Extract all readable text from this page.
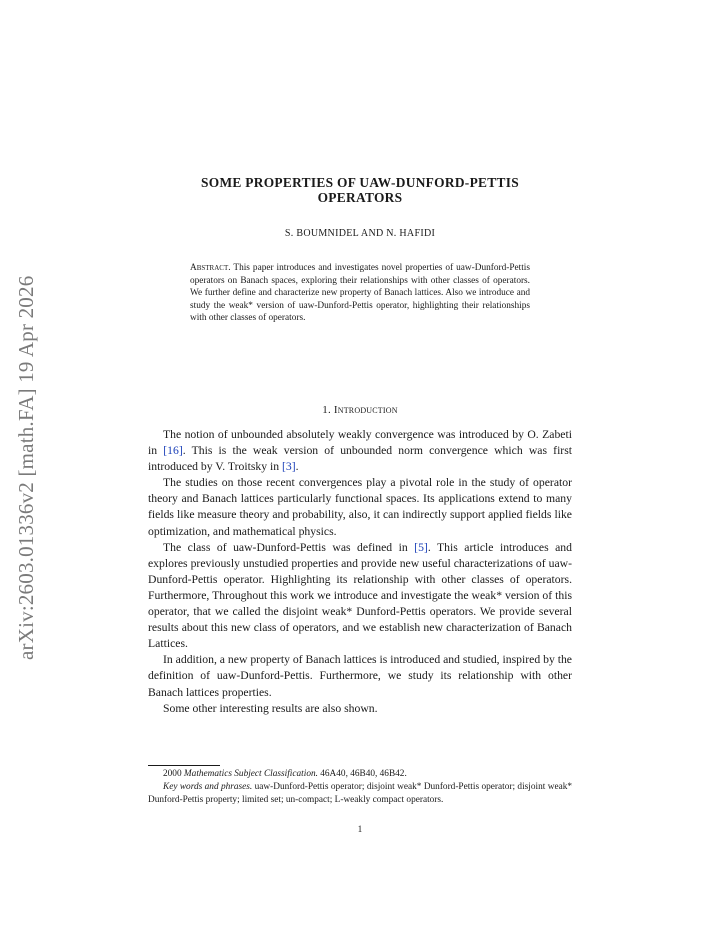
arXiv:2603.01336v2 [math.FA] 19 Apr 2026
SOME PROPERTIES OF UAW-DUNFORD-PETTIS
OPERATORS
S. BOUMNIDEL AND N. HAFIDI
Abstract. This paper introduces and investigates novel properties of uaw-Dunford-Pettis operators on Banach spaces, exploring their relationships with other classes of operators. We further define and characterize new property of Banach lattices. Also we introduce and study the weak* version of uaw-Dunford-Pettis operator, highlighting their relationships with other classes of operators.
1. Introduction

The notion of unbounded absolutely weakly convergence was introduced by O. Zabeti in [16]. This is the weak version of unbounded norm convergence which was first introduced by V. Troitsky in [3].

The studies on those recent convergences play a pivotal role in the study of operator theory and Banach lattices particularly functional spaces. Its applications extend to many fields like measure theory and probability, also, it can indirectly support applied fields like optimization, and mathematical physics.

The class of uaw-Dunford-Pettis was defined in [5]. This article introduces and explores previously unstudied properties and provide new useful characterizations of uaw-Dunford-Pettis operator. Highlighting its relationship with other classes of operators. Furthermore, Throughout this work we introduce and investigate the weak* version of this operator, that we called the disjoint weak* Dunford-Pettis operators. We provide several results about this new class of operators, and we establish new characterization of Banach Lattices.

In addition, a new property of Banach lattices is introduced and studied, inspired by the definition of uaw-Dunford-Pettis. Furthermore, we study its relationship with other Banach lattices properties.

Some other interesting results are also shown.

2000 Mathematics Subject Classification. 46A40, 46B40, 46B42.

Key words and phrases. uaw-Dunford-Pettis operator; disjoint weak* Dunford-Pettis operator; disjoint weak* Dunford-Pettis property; limited set; un-compact; L-weakly compact operators.

1
